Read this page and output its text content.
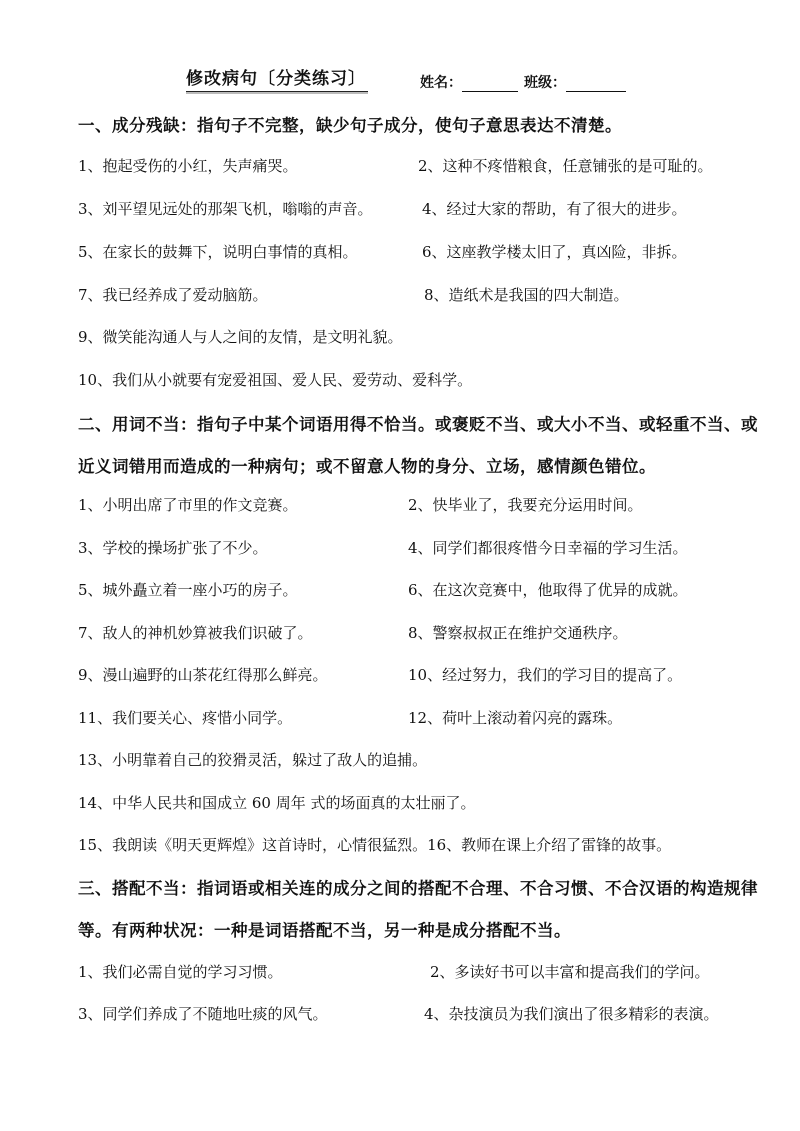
修改病句〔分类练习〕	姓名：	班级：
一、成分残缺：指句子不完整，缺少句子成分，使句子意思表达不清楚。
1、抱起受伤的小红，失声痛哭。	2、这种不疼惜粮食，任意铺张的是可耻的。
3、刘平望见远处的那架飞机，嗡嗡的声音。	4、经过大家的帮助，有了很大的进步。
5、在家长的鼓舞下，说明白事情的真相。	6、这座教学楼太旧了，真凶险，非拆。
7、我已经养成了爱动脑筋。	8、造纸术是我国的四大制造。
9、微笑能沟通人与人之间的友情，是文明礼貌。
10、我们从小就要有宠爱祖国、爱人民、爱劳动、爱科学。
二、用词不当：指句子中某个词语用得不恰当。或褒贬不当、或大小不当、或轻重不当、或
近义词错用而造成的一种病句；或不留意人物的身分、立场，感情颜色错位。
1、小明出席了市里的作文竞赛。	2、快毕业了，我要充分运用时间。
3、学校的操场扩张了不少。	4、同学们都很疼惜今日幸福的学习生活。
5、城外矗立着一座小巧的房子。	6、在这次竞赛中，他取得了优异的成就。
7、敌人的神机妙算被我们识破了。	8、警察叔叔正在维护交通秩序。
9、漫山遍野的山茶花红得那么鲜亮。	10、经过努力，我们的学习目的提高了。
11、我们要关心、疼惜小同学。	12、荷叶上滚动着闪亮的露珠。
13、小明靠着自己的狡猾灵活，躲过了敌人的追捕。
14、中华人民共和国成立 60 周年 式的场面真的太壮丽了。
15、我朗读《明天更辉煌》这首诗时，心情很猛烈。16、教师在课上介绍了雷锋的故事。
三、搭配不当：指词语或相关连的成分之间的搭配不合理、不合习惯、不合汉语的构造规律
等。有两种状况：一种是词语搭配不当，另一种是成分搭配不当。
1、我们必需自觉的学习习惯。	2、多读好书可以丰富和提高我们的学问。
3、同学们养成了不随地吐痰的风气。	4、杂技演员为我们演出了很多精彩的表演。
